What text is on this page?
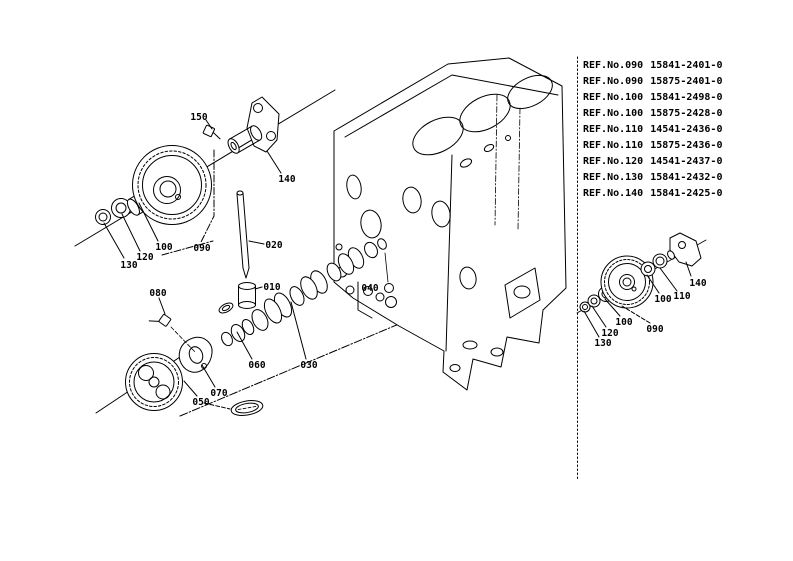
150
140
020
100 090
120
130
080
010
060	030
040
070
050
140
110
100
090
100
120
130
REF.No.090 15841-2401-0
REF.No.090 15875-2401-0
REF.No.100 15841-2498-0
REF.No.100 15875-2428-0
REF.No.110 14541-2436-0
REF.No.110 15875-2436-0
REF.No.120 14541-2437-0
REF.No.130 15841-2432-0
REF.No.140 15841-2425-0
